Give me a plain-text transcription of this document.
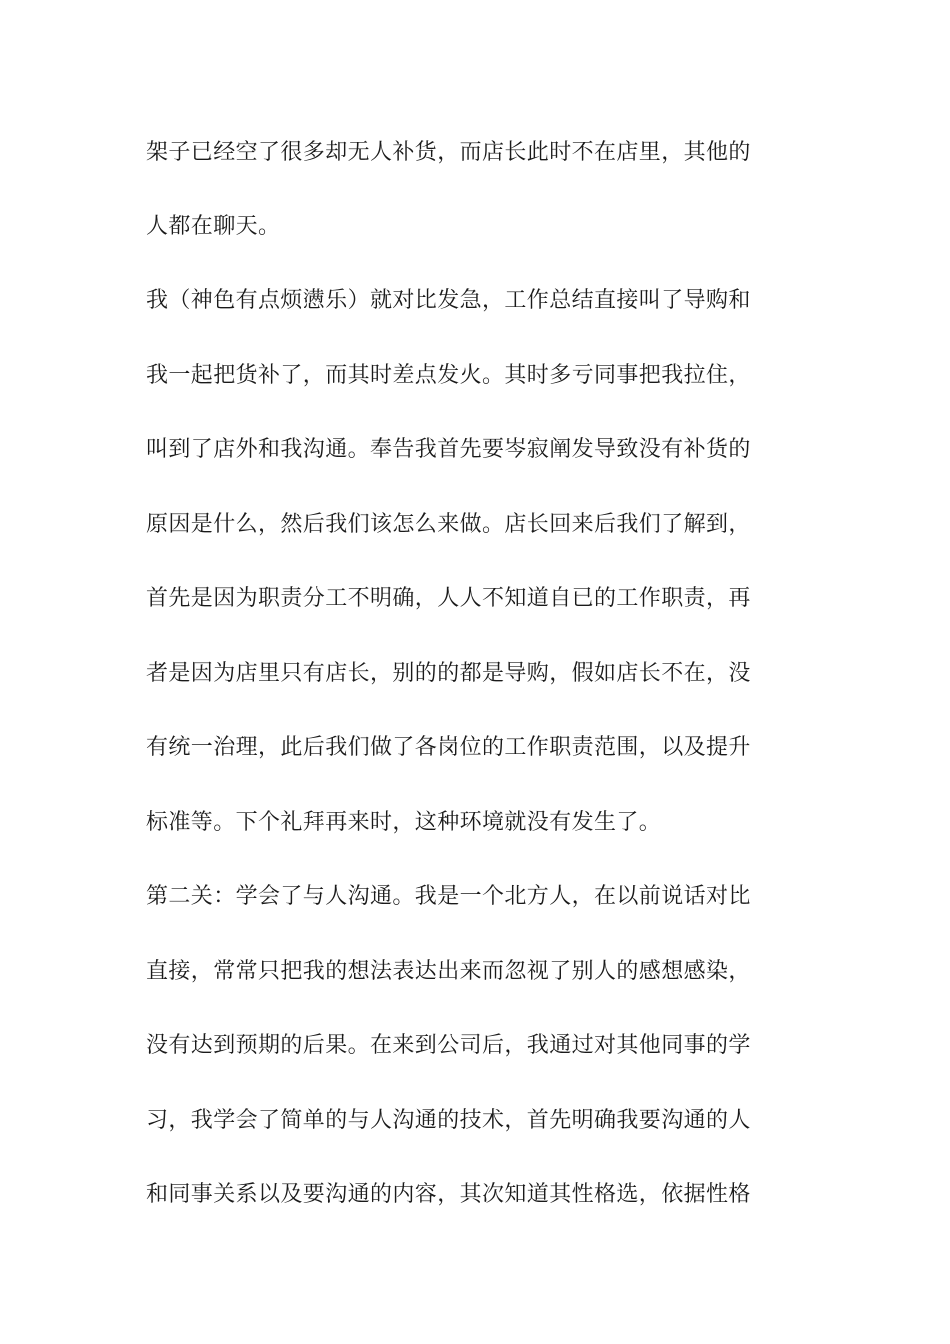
架子已经空了很多却无人补货，而店长此时不在店里，其他的
人都在聊天。
我（神色有点烦懑乐）就对比发急，工作总结直接叫了导购和
我一起把货补了，而其时差点发火。其时多亏同事把我拉住，
叫到了店外和我沟通。奉告我首先要岑寂阐发导致没有补货的
原因是什么，然后我们该怎么来做。店长回来后我们了解到，
首先是因为职责分工不明确，人人不知道自已的工作职责，再
者是因为店里只有店长，别的的都是导购，假如店长不在，没
有统一治理，此后我们做了各岗位的工作职责范围，以及提升
标准等。下个礼拜再来时，这种环境就没有发生了。
第二关：学会了与人沟通。我是一个北方人，在以前说话对比
直接，常常只把我的想法表达出来而忽视了别人的感想感染，
没有达到预期的后果。在来到公司后，我通过对其他同事的学
习，我学会了简单的与人沟通的技术，首先明确我要沟通的人
和同事关系以及要沟通的内容，其次知道其性格选，依据性格
